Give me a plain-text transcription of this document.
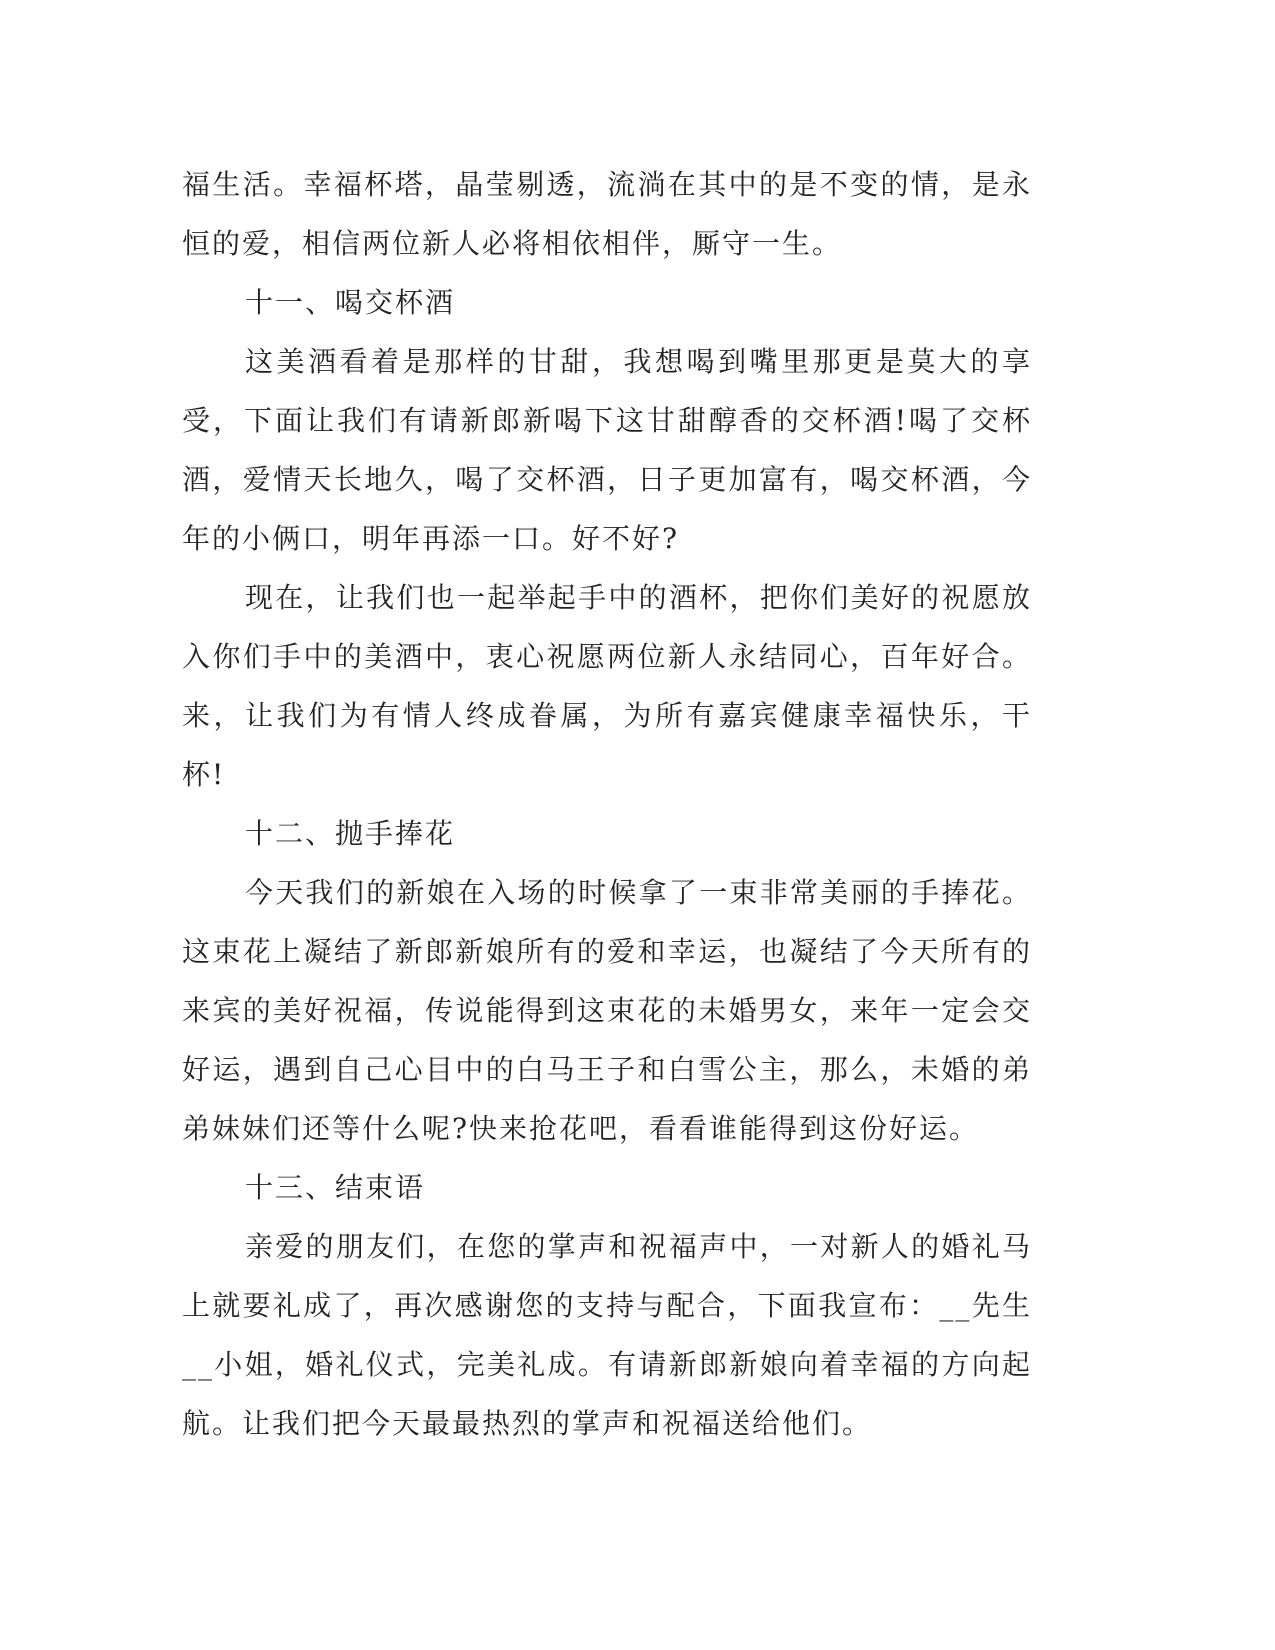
福生活。幸福杯塔，晶莹剔透，流淌在其中的是不变的情，是永恒的爱，相信两位新人必将相依相伴，厮守一生。

十一、喝交杯酒

这美酒看着是那样的甘甜，我想喝到嘴里那更是莫大的享受，下面让我们有请新郎新喝下这甘甜醇香的交杯酒!喝了交杯酒，爱情天长地久，喝了交杯酒，日子更加富有，喝交杯酒，今年的小俩口，明年再添一口。好不好?

现在，让我们也一起举起手中的酒杯，把你们美好的祝愿放入你们手中的美酒中，衷心祝愿两位新人永结同心，百年好合。来，让我们为有情人终成眷属，为所有嘉宾健康幸福快乐，干杯!

十二、抛手捧花

今天我们的新娘在入场的时候拿了一束非常美丽的手捧花。这束花上凝结了新郎新娘所有的爱和幸运，也凝结了今天所有的来宾的美好祝福，传说能得到这束花的未婚男女，来年一定会交好运，遇到自己心目中的白马王子和白雪公主，那么，未婚的弟弟妹妹们还等什么呢?快来抢花吧，看看谁能得到这份好运。

十三、结束语

亲爱的朋友们，在您的掌声和祝福声中，一对新人的婚礼马上就要礼成了，再次感谢您的支持与配合，下面我宣布：__先生__小姐，婚礼仪式，完美礼成。有请新郎新娘向着幸福的方向起航。让我们把今天最最热烈的掌声和祝福送给他们。
